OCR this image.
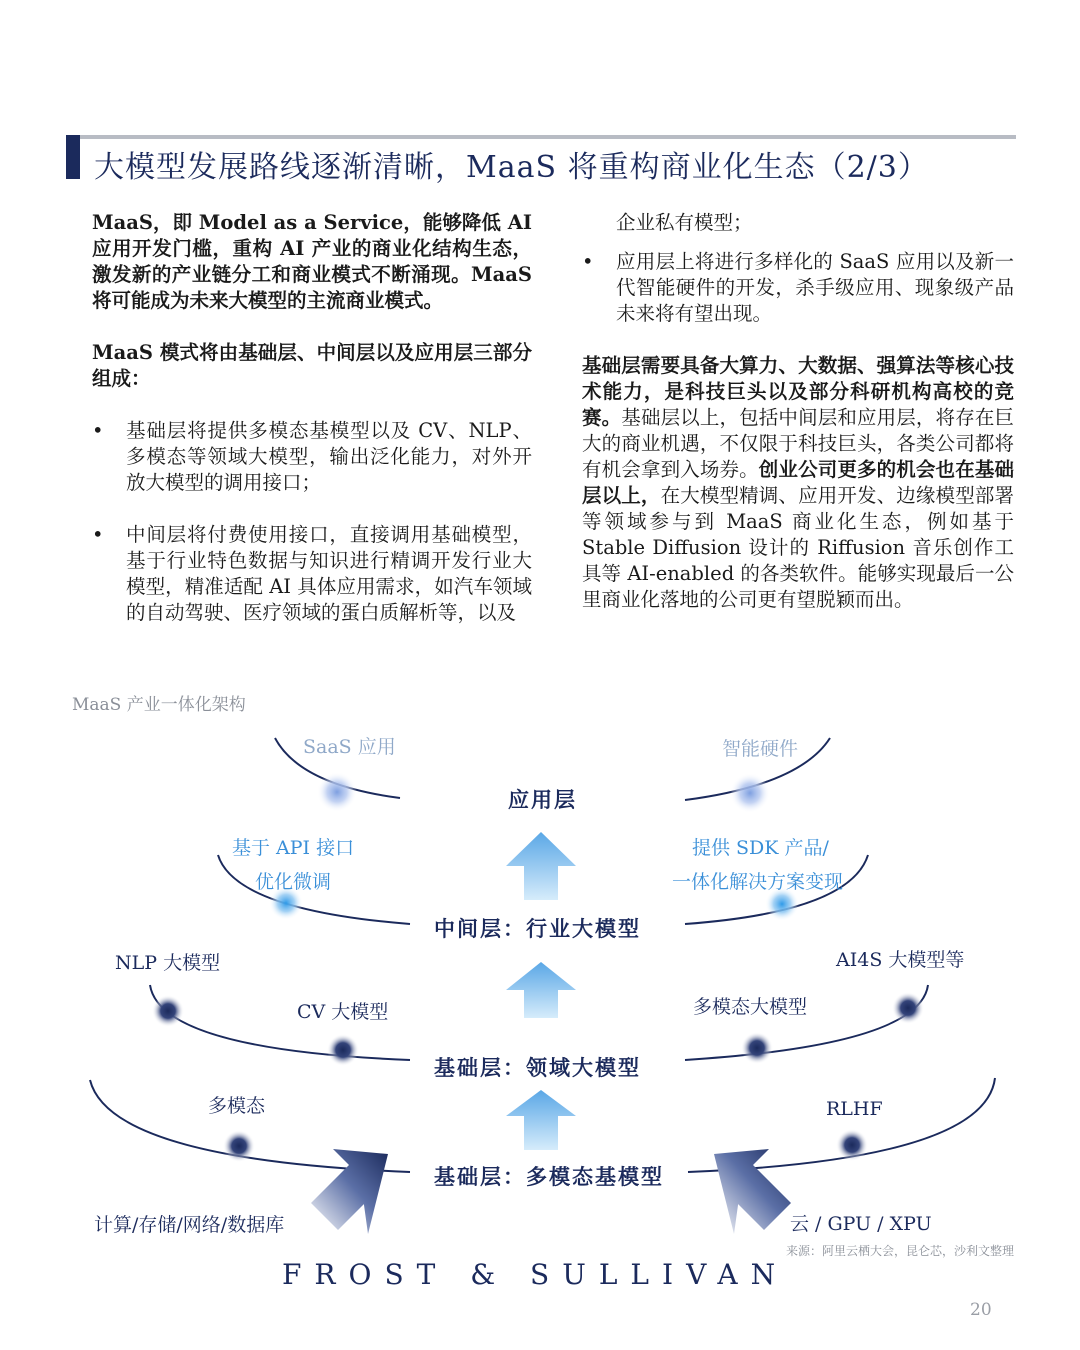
大模型发展路线逐渐清晰，MaaS 将重构商业化生态（2/3）

MaaS，即 Model as a Service，能够降低 AI 应用开发门槛，重构 AI 产业的商业化结构生态，激发新的产业链分工和商业模式不断涌现。MaaS 将可能成为未来大模型的主流商业模式。

MaaS 模式将由基础层、中间层以及应用层三部分组成：

• 基础层将提供多模态基模型以及 CV、NLP、多模态等领域大模型，输出泛化能力，对外开放大模型的调用接口；
• 中间层将付费使用接口，直接调用基础模型，基于行业特色数据与知识进行精调开发行业大模型，精准适配 AI 具体应用需求，如汽车领域的自动驾驶、医疗领域的蛋白质解析等，以及

企业私有模型；

• 应用层上将进行多样化的 SaaS 应用以及新一代智能硬件的开发，杀手级应用、现象级产品未来将有望出现。

基础层需要具备大算力、大数据、强算法等核心技术能力，是科技巨头以及部分科研机构高校的竞赛。基础层以上，包括中间层和应用层，将存在巨大的商业机遇，不仅限于科技巨头，各类公司都将有机会拿到入场券。创业公司更多的机会也在基础层以上，在大模型精调、应用开发、边缘模型部署等领域参与到 MaaS 商业化生态，例如基于 Stable Diffusion 设计的 Riffusion 音乐创作工具等 AI-enabled 的各类软件。能够实现最后一公里商业化落地的公司更有望脱颖而出。

MaaS 产业一体化架构
SaaS 应用	智能硬件
应用层
基于 API 接口
优化微调
提供 SDK 产品/
一体化解决方案变现
中间层：行业大模型
NLP 大模型
CV 大模型
AI4S 大模型等
多模态大模型
基础层：领域大模型
多模态	RLHF
基础层：多模态基模型
计算/存储/网络/数据库	云 / GPU / XPU
来源：阿里云栖大会，昆仑芯，沙利文整理
FROST & SULLIVAN
20
